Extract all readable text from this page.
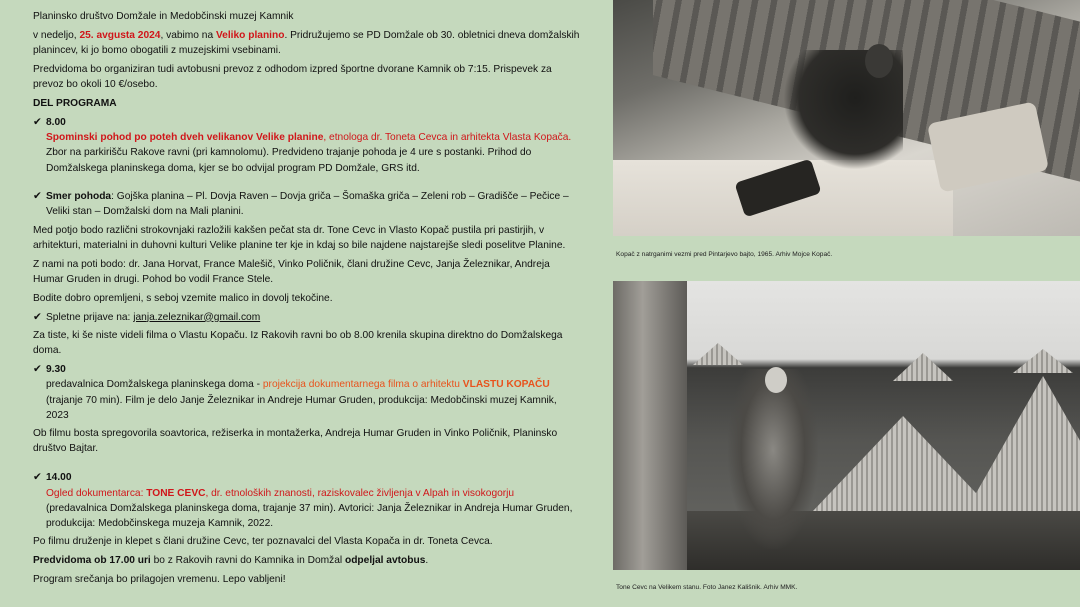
Planinsko društvo Domžale in Medobčinski muzej Kamnik

v nedeljo, 25. avgusta 2024, vabimo na Veliko planino. Pridružujemo se PD Domžale ob 30. obletnici dneva domžalskih planincev, ki jo bomo obogatili z muzejskimi vsebinami.

Predvidoma bo organiziran tudi avtobusni prevoz z odhodom izpred športne dvorane Kamnik ob 7:15. Prispevek za prevoz bo okoli 10 €/osebo.

DEL PROGRAMA

✔ 8.00
Spominski pohod po poteh dveh velikanov Velike planine, etnologa dr. Toneta Cevca in arhitekta Vlasta Kopača.
Zbor na parkirišču Rakove ravni (pri kamnolomu). Predvideno trajanje pohoda je 4 ure s postanki. Prihod do Domžalskega planinskega doma, kjer se bo odvijal program PD Domžale, GRS itd.
✔ Smer pohoda: Gojška planina – Pl. Dovja Raven – Dovja griča – Šomaška griča – Zeleni rob – Gradišče – Pečice – Veliki stan – Domžalski dom na Mali planini.

Med potjo bodo različni strokovnjaki razložili kakšen pečat sta dr. Tone Cevc in Vlasto Kopač pustila pri pastirjih, v arhitekturi, materialni in duhovni kulturi Velike planine ter kje in kdaj so bile najdene najstarejše sledi poselitve Planine.

Z nami na poti bodo: dr. Jana Horvat, France Malešič, Vinko Poličnik, člani družine Cevc, Janja Železnikar, Andreja Humar Gruden in drugi. Pohod bo vodil France Stele.

Bodite dobro opremljeni, s seboj vzemite malico in dovolj tekočine.

✔ Spletne prijave na: janja.zeleznikar@gmail.com

Za tiste, ki še niste videli filma o Vlastu Kopaču. Iz Rakovih ravni bo ob 8.00 krenila skupina direktno do Domžalskega doma.

✔ 9.30
predavalnica Domžalskega planinskega doma - projekcija dokumentarnega filma o arhitektu VLASTU KOPAČU (trajanje 70 min). Film je delo Janje Železnikar in Andreje Humar Gruden, produkcija: Medobčinski muzej Kamnik, 2023

Ob filmu bosta spregovorila soavtorica, režiserka in montažerka, Andreja Humar Gruden in Vinko Poličnik, Planinsko društvo Bajtar.

✔ 14.00
Ogled dokumentarca: TONE CEVC, dr. etnoloških znanosti, raziskovalec življenja v Alpah in visokogorju
(predavalnica Domžalskega planinskega doma, trajanje 37 min). Avtorici: Janja Železnikar in Andreja Humar Gruden, produkcija: Medobčinskega muzeja Kamnik, 2022.

Po filmu druženje in klepet s člani družine Cevc, ter poznavalci del Vlasta Kopača in dr. Toneta Cevca.

Predvidoma ob 17.00 uri bo z Rakovih ravni do Kamnika in Domžal odpeljal avtobus.

Program srečanja bo prilagojen vremenu. Lepo vabljeni!

Kopač z natrganimi vezmi pred Pintarjevo bajto, 1965. Arhiv Mojce Kopač.
Tone Cevc na Velikem stanu. Foto Janez Kališnik. Arhiv MMK.
